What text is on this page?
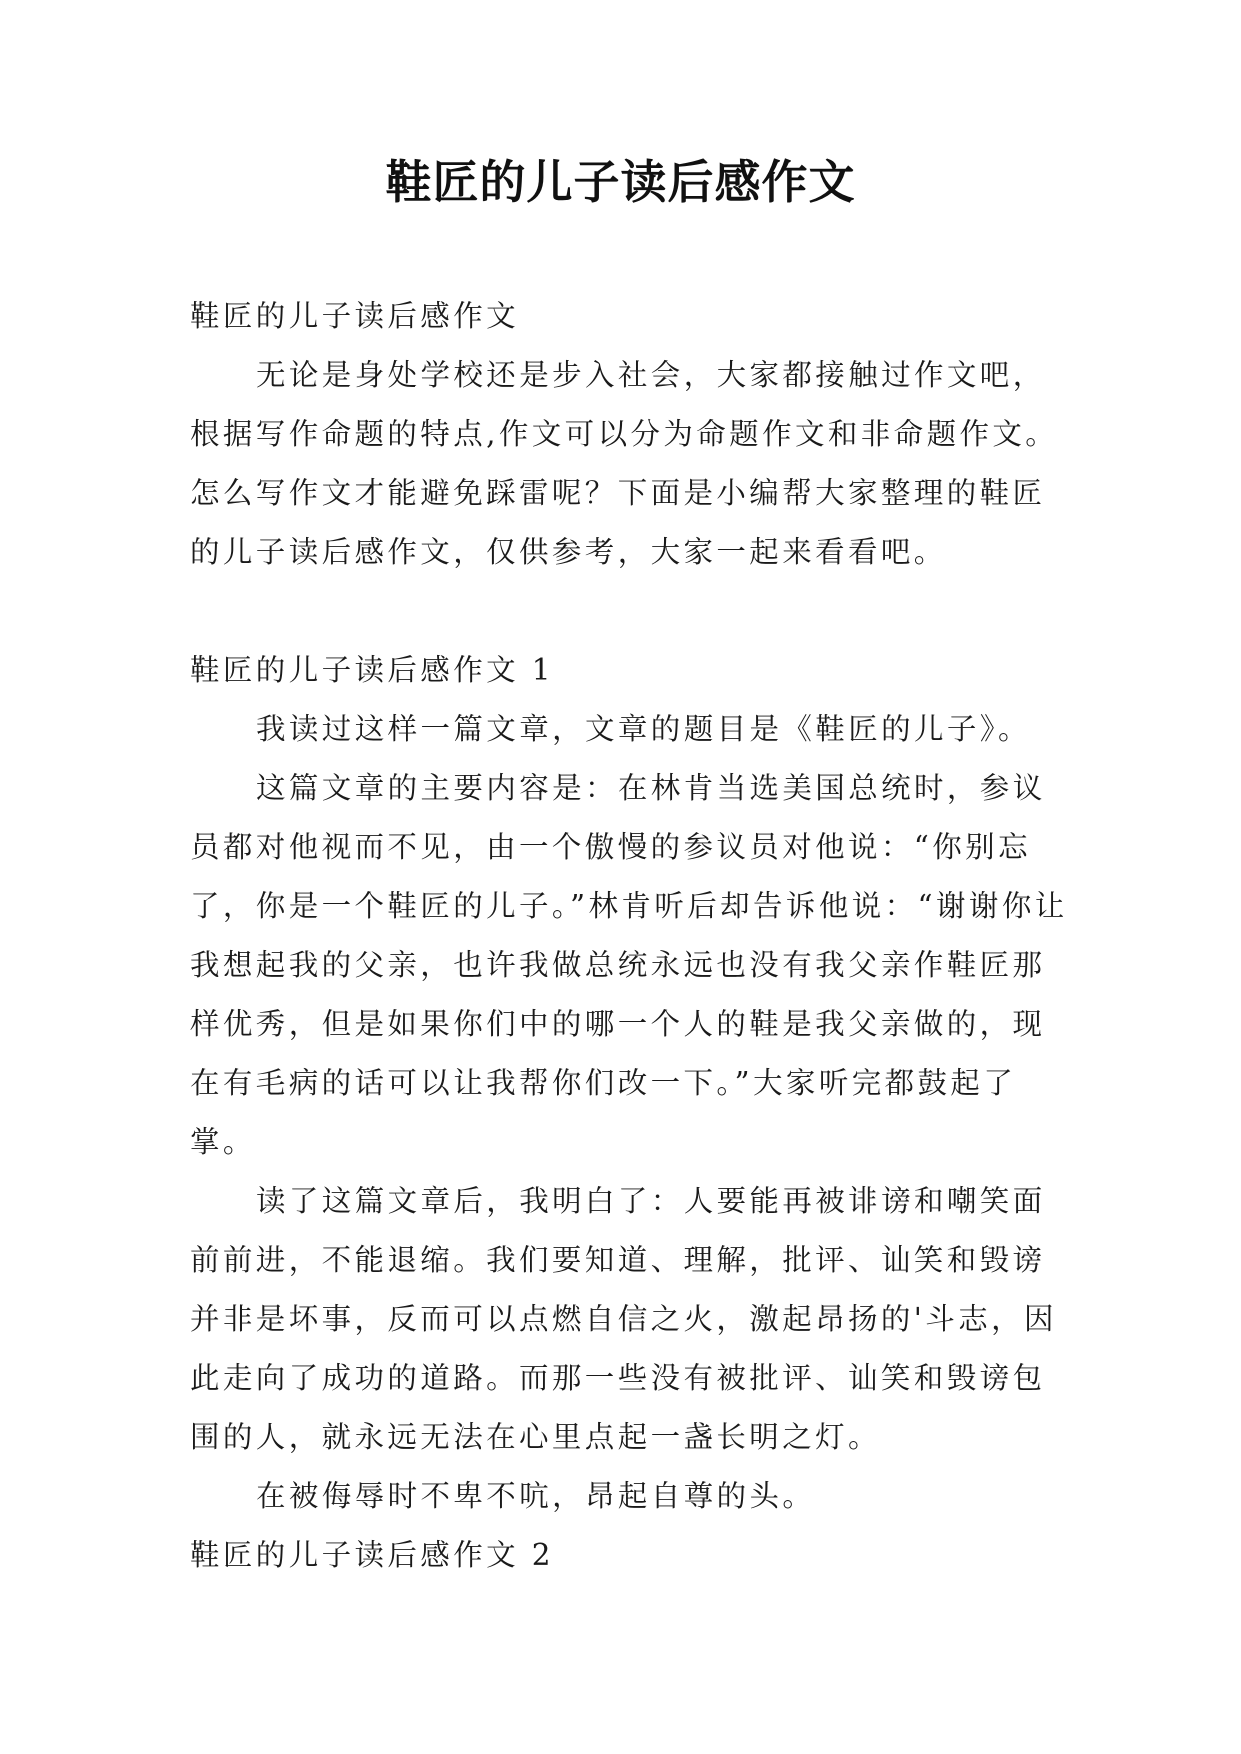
鞋匠的儿子读后感作文

鞋匠的儿子读后感作文

无论是身处学校还是步入社会，大家都接触过作文吧，根据写作命题的特点,作文可以分为命题作文和非命题作文。怎么写作文才能避免踩雷呢？下面是小编帮大家整理的鞋匠的儿子读后感作文，仅供参考，大家一起来看看吧。

鞋匠的儿子读后感作文 1

我读过这样一篇文章，文章的题目是《鞋匠的儿子》。

这篇文章的主要内容是：在林肯当选美国总统时，参议员都对他视而不见，由一个傲慢的参议员对他说：“你别忘了，你是一个鞋匠的儿子。”林肯听后却告诉他说：“谢谢你让我想起我的父亲，也许我做总统永远也没有我父亲作鞋匠那样优秀，但是如果你们中的哪一个人的鞋是我父亲做的，现在有毛病的话可以让我帮你们改一下。”大家听完都鼓起了掌。

读了这篇文章后，我明白了：人要能再被诽谤和嘲笑面前前进，不能退缩。我们要知道、理解，批评、讪笑和毁谤并非是坏事，反而可以点燃自信之火，激起昂扬的'斗志，因此走向了成功的道路。而那一些没有被批评、讪笑和毁谤包围的人，就永远无法在心里点起一盏长明之灯。

在被侮辱时不卑不吭，昂起自尊的头。

鞋匠的儿子读后感作文 2
